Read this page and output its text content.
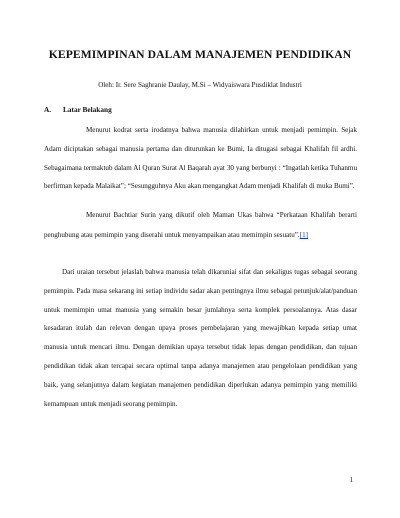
KEPEMIMPINAN DALAM MANAJEMEN PENDIDIKAN
Oleh: Ir. Sere Saghranie Daulay, M.Si – Widyaiswara Pusdiklat Industri
A. Latar Belakang

Menurut kodrat serta irodatnya bahwa manusia dilahirkan untuk menjadi pemimpin. Sejak Adam diciptakan sebagai manusia pertama dan diturunkan ke Bumi, Ia ditugasi sebagai Khalifah fil ardhi. Sebagaimana termaktub dalam Al Quran Surat Al Baqarah ayat 30 yang berbunyi : “Ingatlah ketika Tuhanmu berfirman kepada Malaikat”; “Sesungguhnya Aku akan mengangkat Adam menjadi Khalifah di muka Bumi”.

Menurut Bachtiar Surin yang dikutif oleh Maman Ukas bahwa “Perkataan Khalifah berarti penghubung atau pemimpin yang diserahi untuk menyampaikan atau memimpin sesuatu”.[1]

Dari uraian tersebut jelaslah bahwa manusia telah dikaruniai sifat dan sekaligus tugas sebagai seorang pemimpin. Pada masa sekarang ini setiap individu sadar akan pentingnya ilmu sebagai petunjuk/alat/panduan untuk memimpin umat manusia yang semakin besar jumlahnya serta komplek persoalannya. Atas dasar kesadaran itulah dan relevan dengan upaya proses pembelajaran yang mewajibkan kepada setiap umat manusia untuk mencari ilmu. Dengan demikian upaya tersebut tidak lepas dengan pendidikan, dan tujuan pendidikan tidak akan tercapai secara optimal tanpa adanya manajemen atau pengelolaan pendidikan yang baik, yang selanjutnya dalam kegiatan manajemen pendidikan diperlukan adanya pemimpin yang memiliki kemampuan untuk menjadi seorang pemimpin.

1
